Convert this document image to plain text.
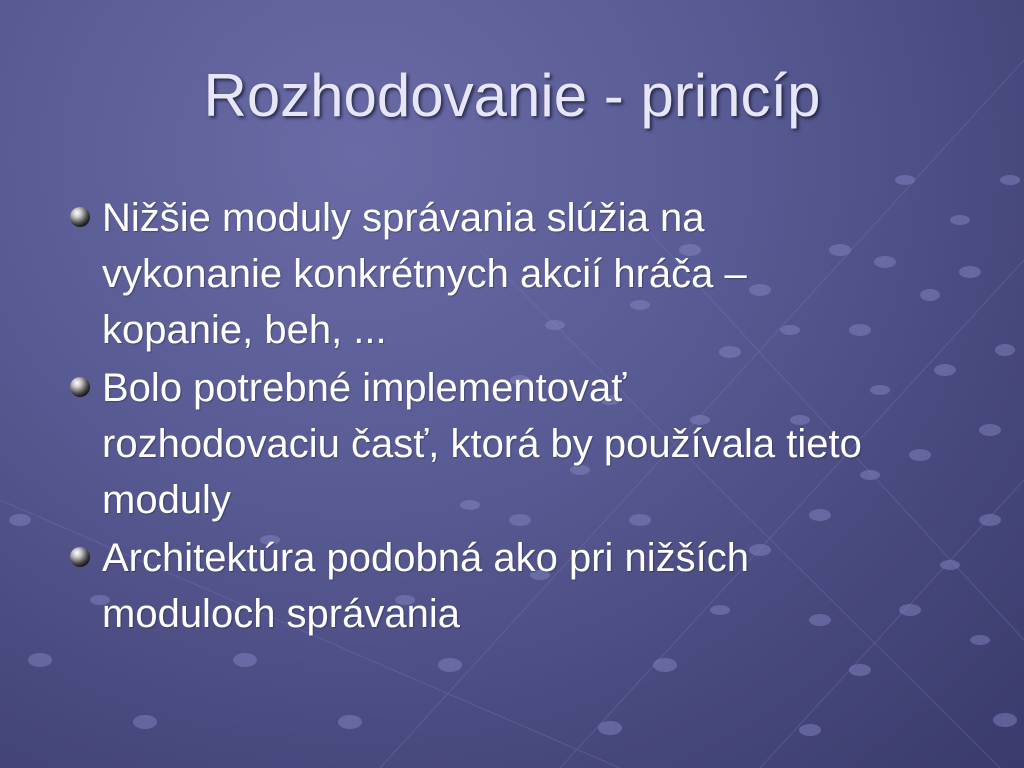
Rozhodovanie - princíp
Nižšie moduly správania slúžia na vykonanie konkrétnych akcií hráča – kopanie, beh, ...
Bolo potrebné implementovať rozhodovaciu časť, ktorá by používala tieto moduly
Architektúra podobná ako pri nižších moduloch správania
